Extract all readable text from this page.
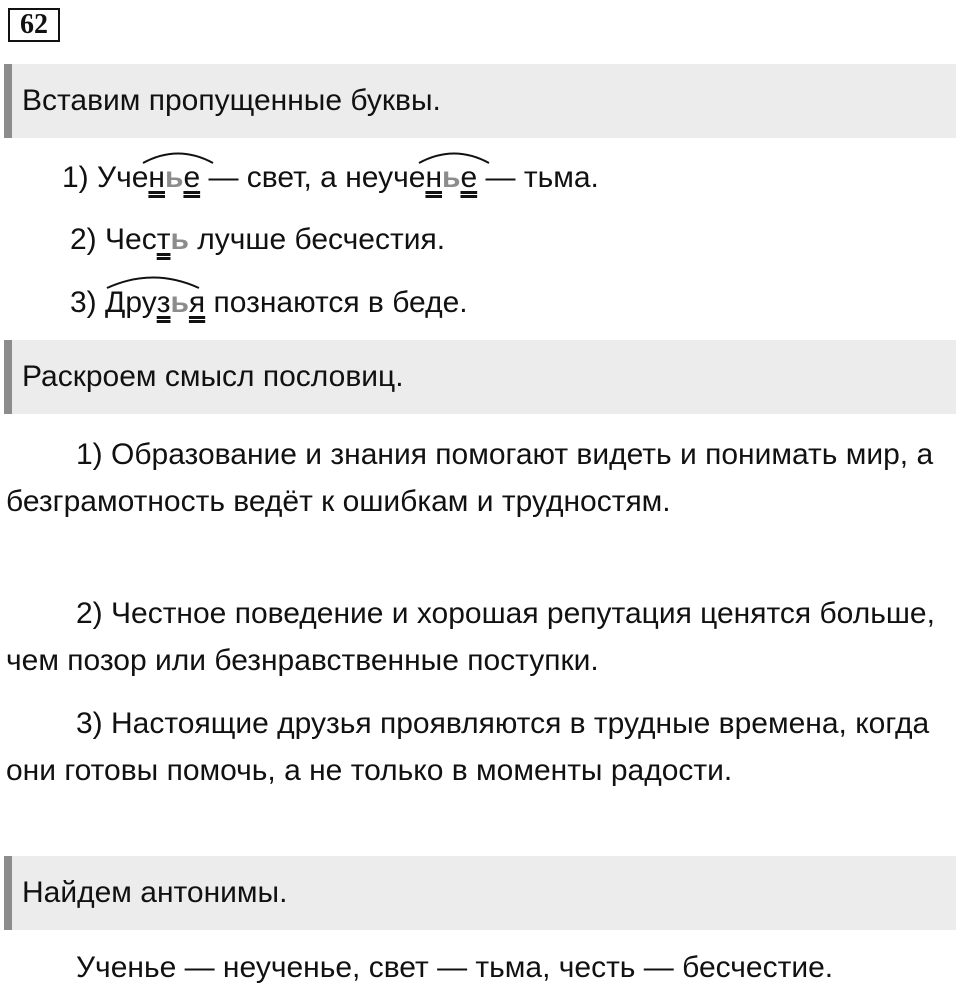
62
Вставим пропущенные буквы.
1) Ученье — свет, а
неученье — тьма.
2) Честь лучше бесчестия.
3) Друзья познаются в беде.
Раскроем смысл пословиц.

1) Образование и знания помогают видеть и понимать мир, а безграмотность ведёт к ошибкам и трудностям.

2) Честное поведение и хорошая репутация ценятся больше, чем позор или безнравственные поступки.

3) Настоящие друзья проявляются в трудные времена, когда они готовы помочь, а не только в моменты радости.

Найдем антонимы.
Ученье — неученье, свет — тьма, честь — бесчестие.
